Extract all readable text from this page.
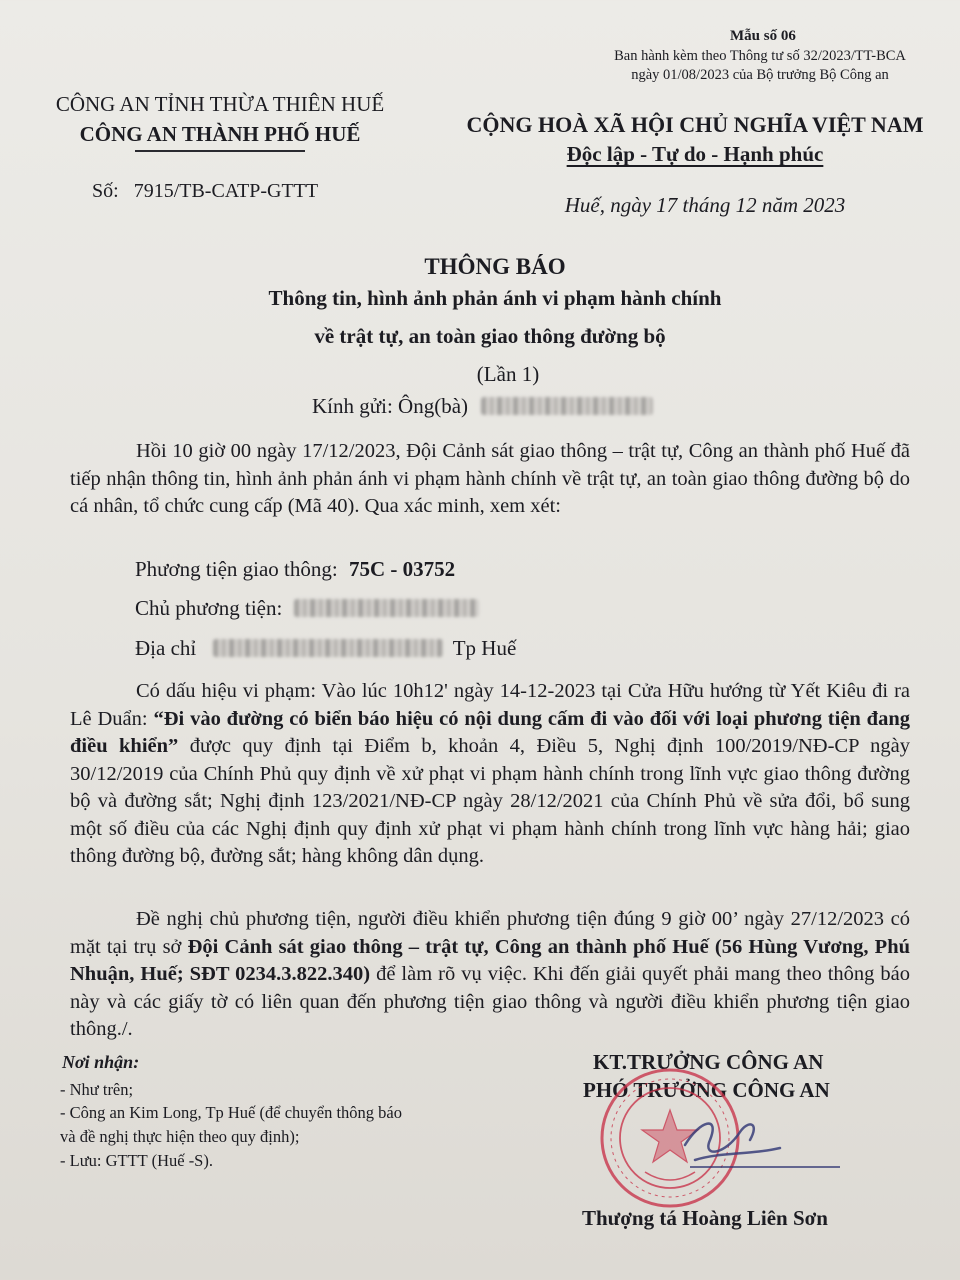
Mẫu số 06
Ban hành kèm theo Thông tư số 32/2023/TT-BCA
ngày 01/08/2023 của Bộ trưởng Bộ Công an
CÔNG AN TỈNH THỪA THIÊN HUẾ
CÔNG AN THÀNH PHỐ HUẾ
Số: 7915/TB-CATP-GTTT
CỘNG HOÀ XÃ HỘI CHỦ NGHĨA VIỆT NAM
Độc lập - Tự do - Hạnh phúc
Huế, ngày 17 tháng 12 năm 2023
THÔNG BÁO
Thông tin, hình ảnh phản ánh vi phạm hành chính
về trật tự, an toàn giao thông đường bộ
(Lần 1)
Kính gửi: Ông(bà)
Hồi 10 giờ 00 ngày 17/12/2023, Đội Cảnh sát giao thông – trật tự, Công an thành phố Huế đã tiếp nhận thông tin, hình ảnh phản ánh vi phạm hành chính về trật tự, an toàn giao thông đường bộ do cá nhân, tổ chức cung cấp (Mã 40). Qua xác minh, xem xét:
Phương tiện giao thông: 75C - 03752
Chủ phương tiện:
Địa chỉ	Tp Huế
Có dấu hiệu vi phạm: Vào lúc 10h12' ngày 14-12-2023 tại Cửa Hữu hướng từ Yết Kiêu đi ra Lê Duẩn: “Đi vào đường có biển báo hiệu có nội dung cấm đi vào đối với loại phương tiện đang điều khiển” được quy định tại Điểm b, khoản 4, Điều 5, Nghị định 100/2019/NĐ-CP ngày 30/12/2019 của Chính Phủ quy định về xử phạt vi phạm hành chính trong lĩnh vực giao thông đường bộ và đường sắt; Nghị định 123/2021/NĐ-CP ngày 28/12/2021 của Chính Phủ về sửa đổi, bổ sung một số điều của các Nghị định quy định xử phạt vi phạm hành chính trong lĩnh vực hàng hải; giao thông đường bộ, đường sắt; hàng không dân dụng.
Đề nghị chủ phương tiện, người điều khiển phương tiện đúng 9 giờ 00’ ngày 27/12/2023 có mặt tại trụ sở Đội Cảnh sát giao thông – trật tự, Công an thành phố Huế (56 Hùng Vương, Phú Nhuận, Huế; SĐT 0234.3.822.340) để làm rõ vụ việc. Khi đến giải quyết phải mang theo thông báo này và các giấy tờ có liên quan đến phương tiện giao thông và người điều khiển phương tiện giao thông./.
Nơi nhận:
- Như trên;
- Công an Kim Long, Tp Huế (để chuyển thông báo
và đề nghị thực hiện theo quy định);
- Lưu: GTTT (Huế -S).
KT.TRƯỞNG CÔNG AN
PHÓ TRƯỞNG CÔNG AN
Thượng tá Hoàng Liên Sơn
